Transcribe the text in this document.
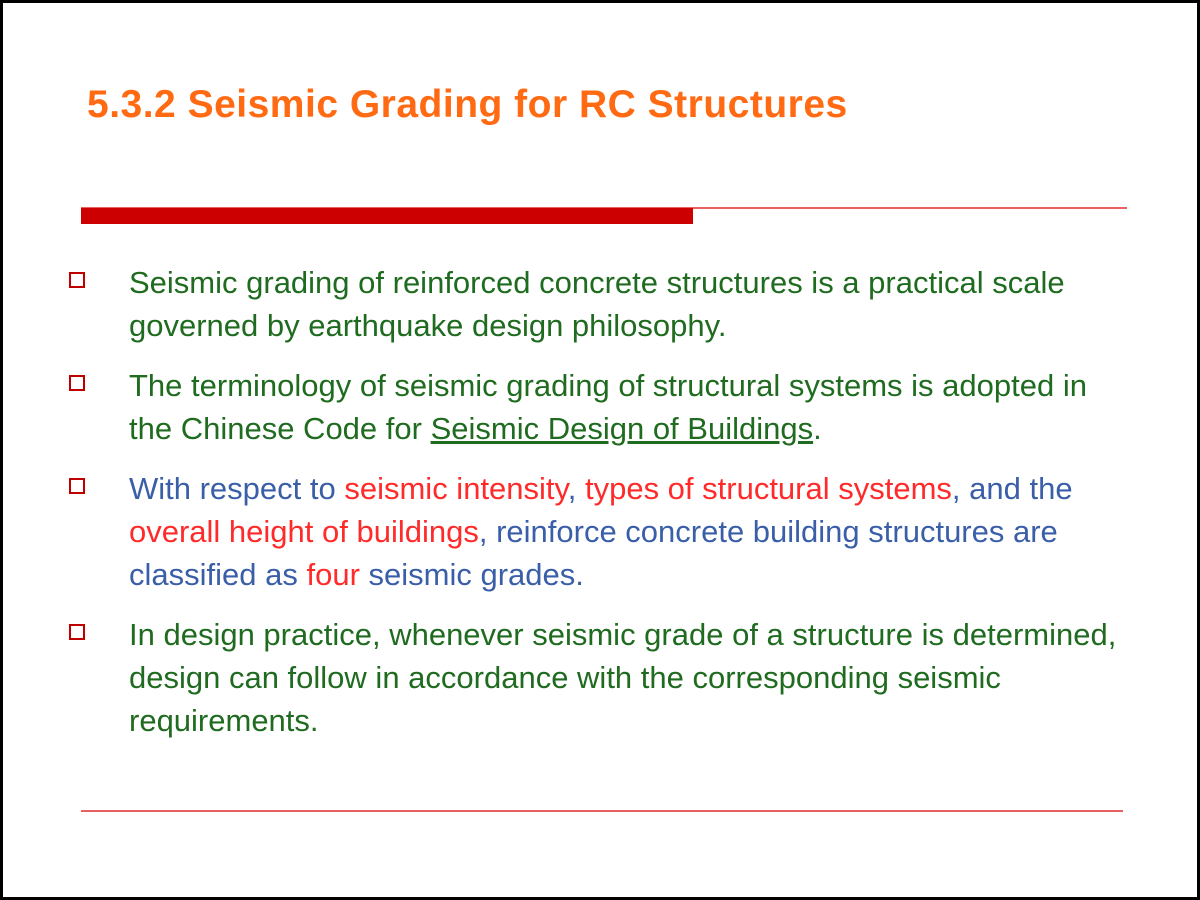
5.3.2 Seismic Grading for RC Structures
Seismic grading of reinforced concrete structures is a practical scale governed by earthquake design philosophy.
The terminology of seismic grading of structural systems is adopted in the Chinese Code for Seismic Design of Buildings.
With respect to seismic intensity, types of structural systems, and the overall height of buildings, reinforce concrete building structures are classified as four seismic grades.
In design practice, whenever seismic grade of a structure is determined, design can follow in accordance with the corresponding seismic requirements.
